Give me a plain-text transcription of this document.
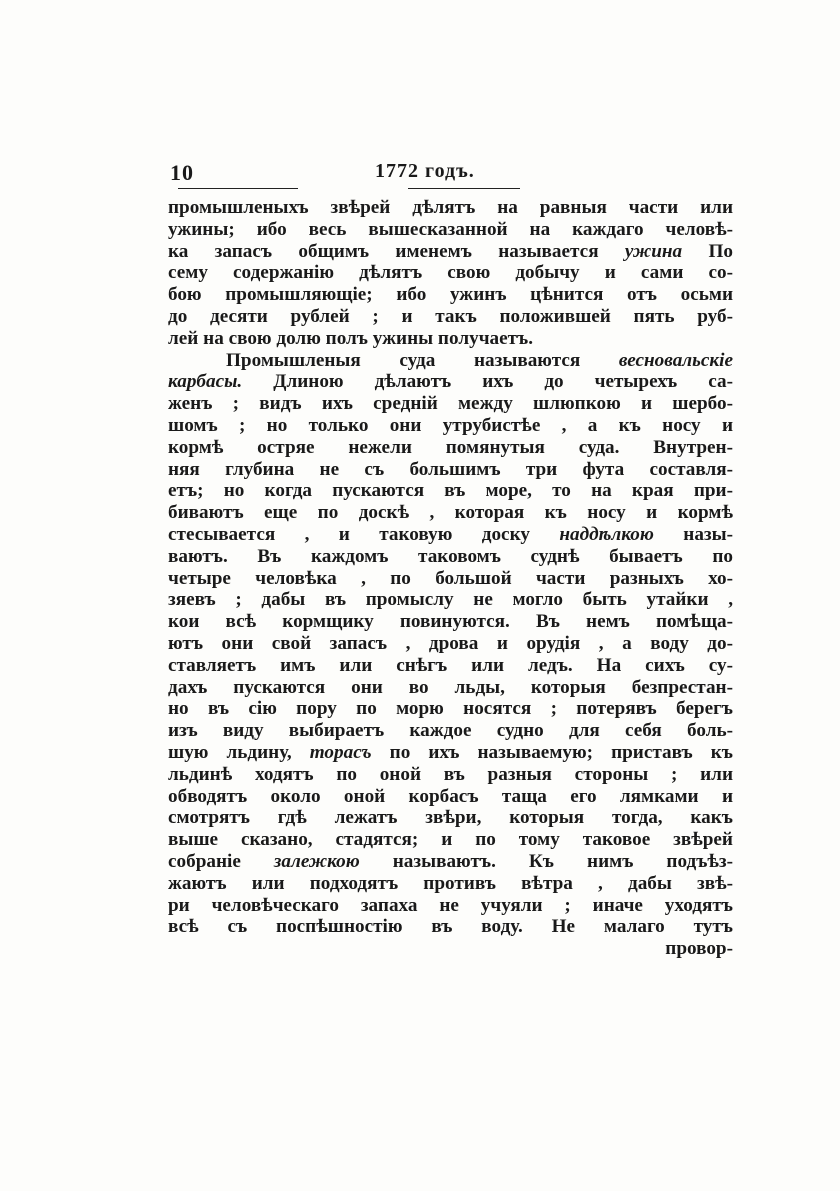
10	1772 годъ.
промышленыхъ звѣрей дѣлятъ на равныя части или
ужины; ибо весь вышесказанной на каждаго человѣ-
ка запасъ общимъ именемъ называется ужина По
сему содержанію дѣлятъ свою добычу и сами со-
бою промышляющіе; ибо ужинъ цѣнится отъ осьми
до десяти рублей ; и такъ положившей пять руб-
лей на свою долю полъ ужины получаетъ.
Промышленыя суда называются весновальскіе
карбасы. Длиною дѣлаютъ ихъ до четырехъ са-
женъ ; видъ ихъ средній между шлюпкою и шербо-
шомъ ; но только они утрубистѣе , а къ носу и
кормѣ остряе нежели помянутыя суда. Внутрен-
няя глубина не съ большимъ три фута составля-
етъ; но когда пускаются въ море, то на края при-
биваютъ еще по доскѣ , которая къ носу и кормѣ
стесывается , и таковую доску наддѣлкою назы-
ваютъ. Въ каждомъ таковомъ суднѣ бываетъ по
четыре человѣка , по большой части разныхъ хо-
зяевъ ; дабы въ промыслу не могло быть утайки ,
кои всѣ кормщику повинуются. Въ немъ помѣща-
ютъ они свой запасъ , дрова и орудія , а воду до-
ставляетъ имъ или снѣгъ или ледъ. На сихъ су-
дахъ пускаются они во льды, которыя безпрестан-
но въ сію пору по морю носятся ; потерявъ берегъ
изъ виду выбираетъ каждое судно для себя боль-
шую льдину, торасъ по ихъ называемую; приставъ къ
льдинѣ ходятъ по оной въ разныя стороны ; или
обводятъ около оной корбасъ таща его лямками и
смотрятъ гдѣ лежатъ звѣри, которыя тогда, какъ
выше сказано, стадятся; и по тому таковое звѣрей
собраніе залежкою называютъ. Къ нимъ подъѣз-
жаютъ или подходятъ противъ вѣтра , дабы звѣ-
ри человѣческаго запаха не учуяли ; иначе уходятъ
всѣ съ поспѣшностію въ воду. Не малаго тутъ
провор-
